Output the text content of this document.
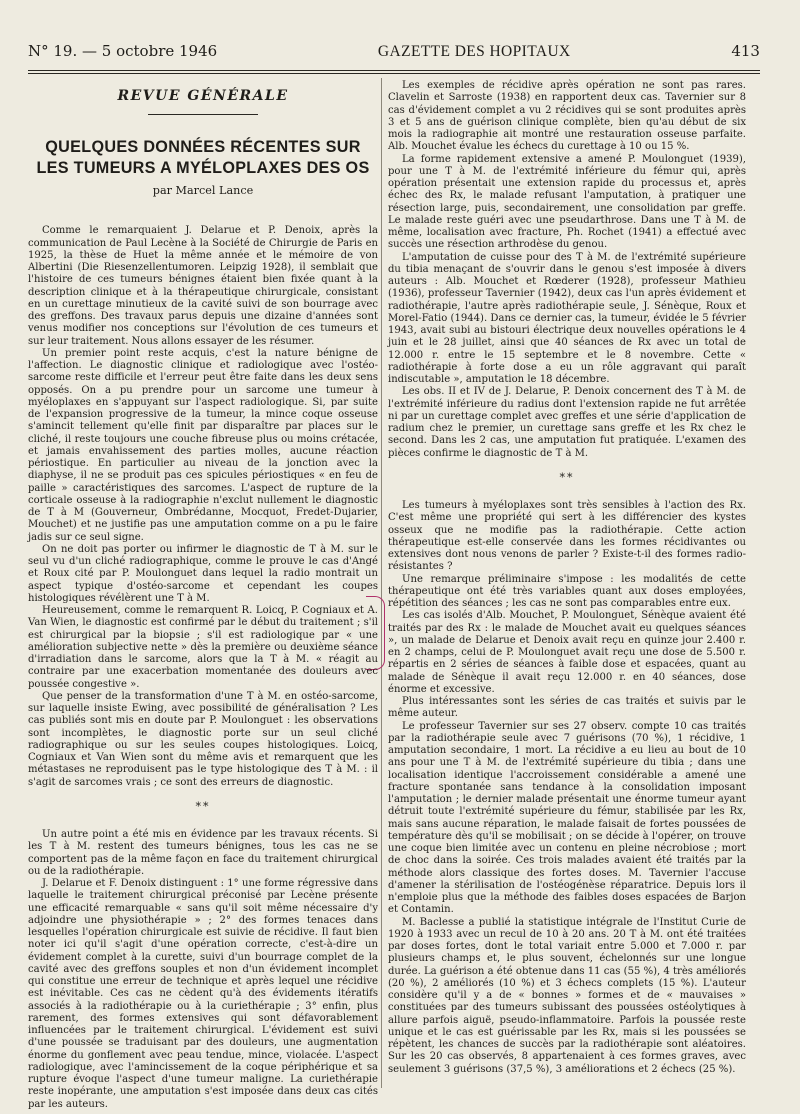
N° 19. — 5 octobre 1946	GAZETTE DES HOPITAUX	413
REVUE GÉNÉRALE
QUELQUES DONNÉES RÉCENTES SUR LES TUMEURS A MYÉLOPLAXES DES OS
par Marcel Lance

Comme le remarquaient J. Delarue et P. Denoix, après la communication de Paul Lecène à la Société de Chirurgie de Paris en 1925, la thèse de Huet la même année et le mémoire de von Albertini (Die Riesenzellentumoren. Leipzig 1928), il semblait que l'histoire de ces tumeurs bénignes étaient bien fixée quant à la description clinique et à la thérapeutique chirurgicale, consistant en un curettage minutieux de la cavité suivi de son bourrage avec des greffons. Des travaux parus depuis une dizaine d'années sont venus modifier nos conceptions sur l'évolution de ces tumeurs et sur leur traitement. Nous allons essayer de les résumer.

Un premier point reste acquis, c'est la nature bénigne de l'affection. Le diagnostic clinique et radiologique avec l'ostéo-sarcome reste difficile et l'erreur peut être faite dans les deux sens opposés. On a pu prendre pour un sarcome une tumeur à myéloplaxes en s'appuyant sur l'aspect radiologique. Si, par suite de l'expansion progressive de la tumeur, la mince coque osseuse s'amincit tellement qu'elle finit par disparaître par places sur le cliché, il reste toujours une couche fibreuse plus ou moins crétacée, et jamais envahissement des parties molles, aucune réaction périostique. En particulier au niveau de la jonction avec la diaphyse, il ne se produit pas ces spicules périostiques « en feu de paille » caractéristiques des sarcomes. L'aspect de rupture de la corticale osseuse à la radiographie n'exclut nullement le diagnostic de T à M (Gouverneur, Ombrédanne, Mocquot, Fredet-Dujarier, Mouchet) et ne justifie pas une amputation comme on a pu le faire jadis sur ce seul signe.

On ne doit pas porter ou infirmer le diagnostic de T à M. sur le seul vu d'un cliché radiographique, comme le prouve le cas d'Angé et Roux cité par P. Moulonguet dans lequel la radio montrait un aspect typique d'ostéo-sarcome et cependant les coupes histologiques révélèrent une T à M.

Heureusement, comme le remarquent R. Loicq, P. Cogniaux et A. Van Wien, le diagnostic est confirmé par le début du traitement ; s'il est chirurgical par la biopsie ; s'il est radiologique par « une amélioration subjective nette » dès la première ou deuxième séance d'irradiation dans le sarcome, alors que la T à M. « réagit au contraire par une exacerbation momentanée des douleurs avec poussée congestive ».

Que penser de la transformation d'une T à M. en ostéo-sarcome, sur laquelle insiste Ewing, avec possibilité de généralisation ? Les cas publiés sont mis en doute par P. Moulonguet : les observations sont incomplètes, le diagnostic porte sur un seul cliché radiographique ou sur les seules coupes histologiques. Loicq, Cogniaux et Van Wien sont du même avis et remarquent que les métastases ne reproduisent pas le type histologique des T à M. : il s'agit de sarcomes vrais ; ce sont des erreurs de diagnostic.

**

Un autre point a été mis en évidence par les travaux récents. Si les T à M. restent des tumeurs bénignes, tous les cas ne se comportent pas de la même façon en face du traitement chirurgical ou de la radiothérapie.

J. Delarue et F. Denoix distinguent : 1° une forme régressive dans laquelle le traitement chirurgical préconisé par Lecène présente une efficacité remarquable « sans qu'il soit même nécessaire d'y adjoindre une physiothérapie » ; 2° des formes tenaces dans lesquelles l'opération chirurgicale est suivie de récidive. Il faut bien noter ici qu'il s'agit d'une opération correcte, c'est-à-dire un évidement complet à la curette, suivi d'un bourrage complet de la cavité avec des greffons souples et non d'un évidement incomplet qui constitue une erreur de technique et après lequel une récidive est inévitable. Ces cas ne cèdent qu'à des évidements itératifs associés à la radiothérapie ou à la curiethérapie ; 3° enfin, plus rarement, des formes extensives qui sont défavorablement influencées par le traitement chirurgical. L'évidement est suivi d'une poussée se traduisant par des douleurs, une augmentation énorme du gonflement avec peau tendue, mince, violacée. L'aspect radiologique, avec l'amincissement de la coque périphérique et sa rupture évoque l'aspect d'une tumeur maligne. La curiethérapie reste inopérante, une amputation s'est imposée dans deux cas cités par les auteurs.

Les exemples de récidive après opération ne sont pas rares. Clavelin et Sarroste (1938) en rapportent deux cas. Tavernier sur 8 cas d'évidement complet a vu 2 récidives qui se sont produites après 3 et 5 ans de guérison clinique complète, bien qu'au début de six mois la radiographie ait montré une restauration osseuse parfaite. Alb. Mouchet évalue les échecs du curettage à 10 ou 15 %.

La forme rapidement extensive a amené P. Moulonguet (1939), pour une T à M. de l'extrémité inférieure du fémur qui, après opération présentait une extension rapide du processus et, après échec des Rx, le malade refusant l'amputation, à pratiquer une résection large, puis, secondairement, une consolidation par greffe. Le malade reste guéri avec une pseudarthrose. Dans une T à M. de même, localisation avec fracture, Ph. Rochet (1941) a effectué avec succès une résection arthrodèse du genou.

L'amputation de cuisse pour des T à M. de l'extrémité supérieure du tibia menaçant de s'ouvrir dans le genou s'est imposée à divers auteurs : Alb. Mouchet et Rœderer (1928), professeur Mathieu (1936), professeur Tavernier (1942), deux cas l'un après évidement et radiothérapie, l'autre après radiothérapie seule, J. Sénèque, Roux et Morel-Fatio (1944). Dans ce dernier cas, la tumeur, évidée le 5 février 1943, avait subi au bistouri électrique deux nouvelles opérations le 4 juin et le 28 juillet, ainsi que 40 séances de Rx avec un total de 12.000 r. entre le 15 septembre et le 8 novembre. Cette « radiothérapie à forte dose a eu un rôle aggravant qui paraît indiscutable », amputation le 18 décembre.

Les obs. II et IV de J. Delarue, P. Denoix concernent des T à M. de l'extrémité inférieure du radius dont l'extension rapide ne fut arrêtée ni par un curettage complet avec greffes et une série d'application de radium chez le premier, un curettage sans greffe et les Rx chez le second. Dans les 2 cas, une amputation fut pratiquée. L'examen des pièces confirme le diagnostic de T à M.

**

Les tumeurs à myéloplaxes sont très sensibles à l'action des Rx. C'est même une propriété qui sert à les différencier des kystes osseux que ne modifie pas la radiothérapie. Cette action thérapeutique est-elle conservée dans les formes récidivantes ou extensives dont nous venons de parler ? Existe-t-il des formes radio-résistantes ?

Une remarque préliminaire s'impose : les modalités de cette thérapeutique ont été très variables quant aux doses employées, répétition des séances ; les cas ne sont pas comparables entre eux.

Les cas isolés d'Alb. Mouchet, P. Moulonguet, Sénèque avaient été traités par des Rx : le malade de Mouchet avait eu quelques séances », un malade de Delarue et Denoix avait reçu en quinze jour 2.400 r. en 2 champs, celui de P. Moulonguet avait reçu une dose de 5.500 r. répartis en 2 séries de séances à faible dose et espacées, quant au malade de Sénèque il avait reçu 12.000 r. en 40 séances, dose énorme et excessive.

Plus intéressantes sont les séries de cas traités et suivis par le même auteur.

Le professeur Tavernier sur ses 27 observ. compte 10 cas traités par la radiothérapie seule avec 7 guérisons (70 %), 1 récidive, 1 amputation secondaire, 1 mort. La récidive a eu lieu au bout de 10 ans pour une T à M. de l'extrémité supérieure du tibia ; dans une localisation identique l'accroissement considérable a amené une fracture spontanée sans tendance à la consolidation imposant l'amputation ; le dernier malade présentait une énorme tumeur ayant détruit toute l'extrémité supérieure du fémur, stabilisée par les Rx, mais sans aucune réparation, le malade faisait de fortes poussées de température dès qu'il se mobilisait ; on se décide à l'opérer, on trouve une coque bien limitée avec un contenu en pleine nécrobiose ; mort de choc dans la soirée. Ces trois malades avaient été traités par la méthode alors classique des fortes doses. M. Tavernier l'accuse d'amener la stérilisation de l'ostéogénèse réparatrice. Depuis lors il n'emploie plus que la méthode des faibles doses espacées de Barjon et Contamin.

M. Baclesse a publié la statistique intégrale de l'Institut Curie de 1920 à 1933 avec un recul de 10 à 20 ans. 20 T à M. ont été traitées par doses fortes, dont le total variait entre 5.000 et 7.000 r. par plusieurs champs et, le plus souvent, échelonnés sur une longue durée. La guérison a été obtenue dans 11 cas (55 %), 4 très améliorés (20 %), 2 améliorés (10 %) et 3 échecs complets (15 %). L'auteur considère qu'il y a de « bonnes » formes et de « mauvaises » constituées par des tumeurs subissant des poussées ostéolytiques à allure parfois aiguë, pseudo-inflammatoire. Parfois la poussée reste unique et le cas est guérissable par les Rx, mais si les poussées se répètent, les chances de succès par la radiothérapie sont aléatoires. Sur les 20 cas observés, 8 appartenaient à ces formes graves, avec seulement 3 guérisons (37,5 %), 3 améliorations et 2 échecs (25 %).
